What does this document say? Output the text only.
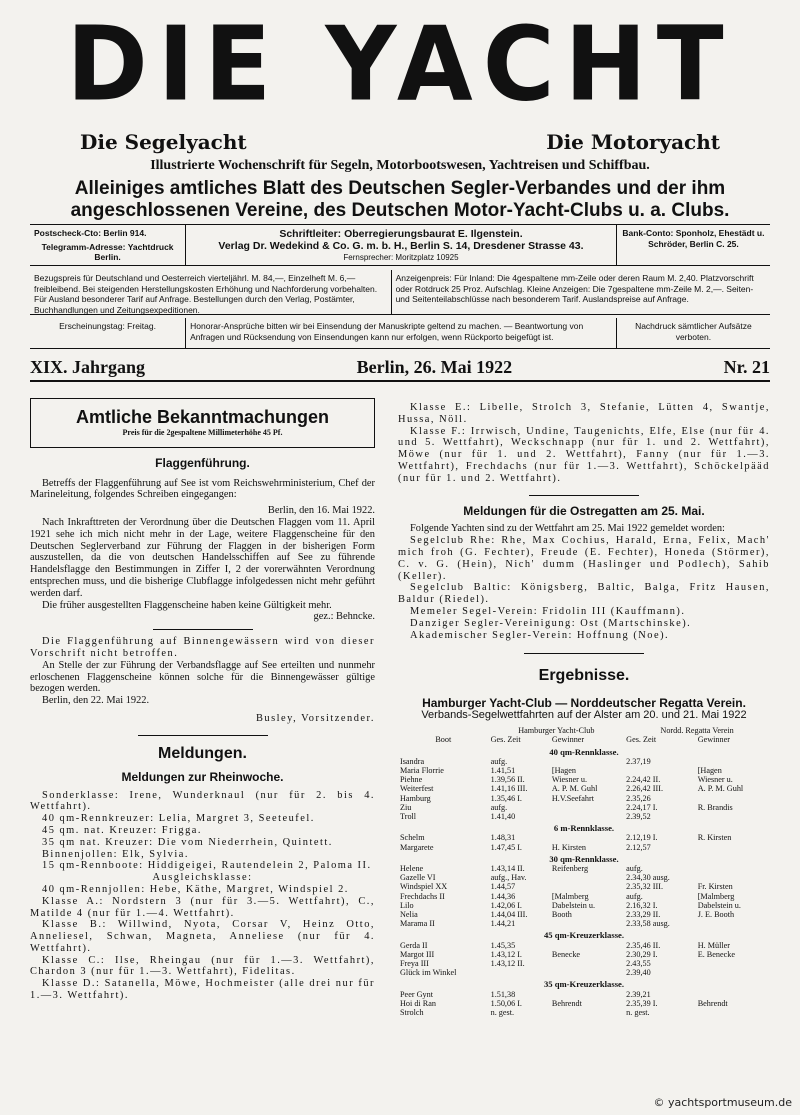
DIE YACHT
Die Segelyacht	Die Motoryacht
Illustrierte Wochenschrift für Segeln, Motorbootswesen, Yachtreisen und Schiffbau.
Alleiniges amtliches Blatt des Deutschen Segler-Verbandes und der ihm
angeschlossenen Vereine, des Deutschen Motor-Yacht-Clubs u. a. Clubs.
Postscheck-Cto: Berlin 914.
Telegramm-Adresse: Yachtdruck Berlin.
Schriftleiter: Oberregierungsbaurat E. Ilgenstein.
Verlag Dr. Wedekind & Co. G. m. b. H., Berlin S. 14, Dresdener Strasse 43.
Fernsprecher: Moritzplatz 10925
Bank-Conto: Sponholz, Ehestädt u. Schröder, Berlin C. 25.
Bezugspreis für Deutschland und Oesterreich vierteljährl. M. 84,—, Einzelheft M. 6,— freibleibend. Bei steigenden Herstellungskosten Erhöhung und Nachforderung vorbehalten. Für Ausland besonderer Tarif auf Anfrage. Bestellungen durch den Verlag, Postämter, Buchhandlungen und Zeitungsexpeditionen.
Anzeigenpreis: Für Inland: Die 4gespaltene mm-Zeile oder deren Raum M. 2,40. Platzvorschrift oder Rotdruck 25 Proz. Aufschlag. Kleine Anzeigen: Die 7gespaltene mm-Zeile M. 2,—. Seiten- und Seitenteilabschlüsse nach besonderem Tarif. Auslandspreise auf Anfrage.
Erscheinungstag: Freitag.	Honorar-Ansprüche bitten wir bei Einsendung der Manuskripte geltend zu machen. — Beantwortung von Anfragen und Rücksendung von Einsendungen kann nur erfolgen, wenn Rückporto beigefügt ist.
Nachdruck sämtlicher Aufsätze verboten.
XIX. Jahrgang	Berlin, 26. Mai 1922	Nr. 21
Amtliche Bekanntmachungen
Preis für die 2gespaltene Millimeterhöhe 45 Pf.

Flaggenführung.

Betreffs der Flaggenführung auf See ist vom Reichswehrministerium, Chef der Marineleitung, folgendes Schreiben eingegangen:

Berlin, den 16. Mai 1922.

Nach Inkrafttreten der Verordnung über die Deutschen Flaggen vom 11. April 1921 sehe ich mich nicht mehr in der Lage, weitere Flaggenscheine für den Deutschen Seglerverband zur Führung der Flaggen in der bisherigen Form auszustellen, da die von deutschen Handelsschiffen auf See zu führende Handelsflagge den Bestimmungen in Ziffer I, 2 der vorerwähnten Verordnung entsprechen muss, und die bisherige Clubflagge infolgedessen nicht mehr geführt werden darf.

Die früher ausgestellten Flaggenscheine haben keine Gültigkeit mehr.

gez.: Behncke.

Die Flaggenführung auf Binnengewässern wird von dieser Vorschrift nicht betroffen.

An Stelle der zur Führung der Verbandsflagge auf See erteilten und nunmehr erloschenen Flaggenscheine können solche für die Binnengewässer gültige bezogen werden.

Berlin, den 22. Mai 1922.

Busley, Vorsitzender.

Meldungen.

Meldungen zur Rheinwoche.

Sonderklasse: Irene, Wunderknaul (nur für 2. bis 4. Wettfahrt).

40 qm-Rennkreuzer: Lelia, Margret 3, Seeteufel.

45 qm. nat. Kreuzer: Frigga.

35 qm nat. Kreuzer: Die vom Niederrhein, Quintett.

Binnenjollen: Elk, Sylvia.

15 qm-Rennboote: Hiddigeigei, Rautendelein 2, Paloma II.

Ausgleichsklasse:

40 qm-Rennjollen: Hebe, Käthe, Margret, Windspiel 2.

Klasse A.: Nordstern 3 (nur für 3.—5. Wettfahrt), C., Matilde 4 (nur für 1.—4. Wettfahrt).

Klasse B.: Willwind, Nyota, Corsar V, Heinz Otto, Anneliesel, Schwan, Magneta, Anneliese (nur für 4. Wettfahrt).

Klasse C.: Ilse, Rheingau (nur für 1.—3. Wettfahrt), Chardon 3 (nur für 1.—3. Wettfahrt), Fidelitas.

Klasse D.: Satanella, Möwe, Hochmeister (alle drei nur für 1.—3. Wettfahrt).

Klasse E.: Libelle, Strolch 3, Stefanie, Lütten 4, Swantje, Hussa, Nöll.

Klasse F.: Irrwisch, Undine, Taugenichts, Elfe, Else (nur für 4. und 5. Wettfahrt), Weckschnapp (nur für 1. und 2. Wettfahrt), Möwe (nur für 1. und 2. Wettfahrt), Fanny (nur für 1.—3. Wettfahrt), Frechdachs (nur für 1.—3. Wettfahrt), Schöckelpääd (nur für 1. und 2. Wettfahrt).

Meldungen für die Ostregatten am 25. Mai.

Folgende Yachten sind zu der Wettfahrt am 25. Mai 1922 gemeldet worden:

Segelclub Rhe: Rhe, Max Cochius, Harald, Erna, Felix, Mach' mich froh (G. Fechter), Freude (E. Fechter), Honeda (Störmer), C. v. G. (Hein), Nich' dumm (Haslinger und Podlech), Sahib (Keller).

Segelclub Baltic: Königsberg, Baltic, Balga, Fritz Hausen, Baldur (Riedel).

Memeler Segel-Verein: Fridolin III (Kauffmann).

Danziger Segler-Vereinigung: Ost (Martschinske).

Akademischer Segler-Verein: Hoffnung (Noe).

Ergebnisse.

Hamburger Yacht-Club — Norddeutscher Regatta Verein.

Verbands-Segelwettfahrten auf der Alster am 20. und 21. Mai 1922

	Hamburger Yacht-Club		Nordd. Regatta Verein	
Boot	Ges. Zeit	Gewinner	Ges. Zeit	Gewinner
40 qm-Rennklasse.				
Isandra	aufg.		2.37,19	
Maria Florrie	1.41,51	[Hagen		[Hagen
Piehne	1.39,56 II.	Wiesner u.	2.24,42 II.	Wiesner u.
Weiterfest	1.41,16 III.	A. P. M. Guhl	2.26,42 III.	A. P. M. Guhl
Hamburg	1.35,46 I.	H.V.Seefahrt	2.35,26	
Ziu	aufg.		2.24,17 I.	R. Brandis
Troll	1.41,40		2.39,52	
6 m-Rennklasse.				
Schelm	1.48,31		2.12,19 I.	R. Kirsten
Margarete	1.47,45 I.	H. Kirsten	2.12,57	
30 qm-Rennklasse.				
Helene	1.43,14 II.	Reifenberg	aufg.	
Gazelle VI	aufg., Hav.		2.34,30 ausg.	
Windspiel XX	1.44,57		2.35,32 III.	Fr. Kirsten
Frechdachs II	1.44,36	[Malmberg	aufg.	[Malmberg
Lilo	1.42,06 I.	Dabelstein u.	2.16,32 I.	Dabelstein u.
Nelia	1.44,04 III.	Booth	2.33,29 II.	J. E. Booth
Marama II	1.44,21		2.33,58 ausg.	
45 qm-Kreuzerklasse.				
Gerda II	1.45,35		2.35,46 II.	H. Müller
Margot III	1.43,12 I.	Benecke	2.30,29 I.	E. Benecke
Freya III	1.43,12 II.		2.43,55	
Glück im Winkel			2.39,40	
35 qm-Kreuzerklasse.				
Peer Gynt	1.51,38		2.39,21	
Hoi di Ran	1.50,06 I.	Behrendt	2.35,39 I.	Behrendt
Strolch	n. gest.		n. gest.	
© yachtsportmuseum.de
